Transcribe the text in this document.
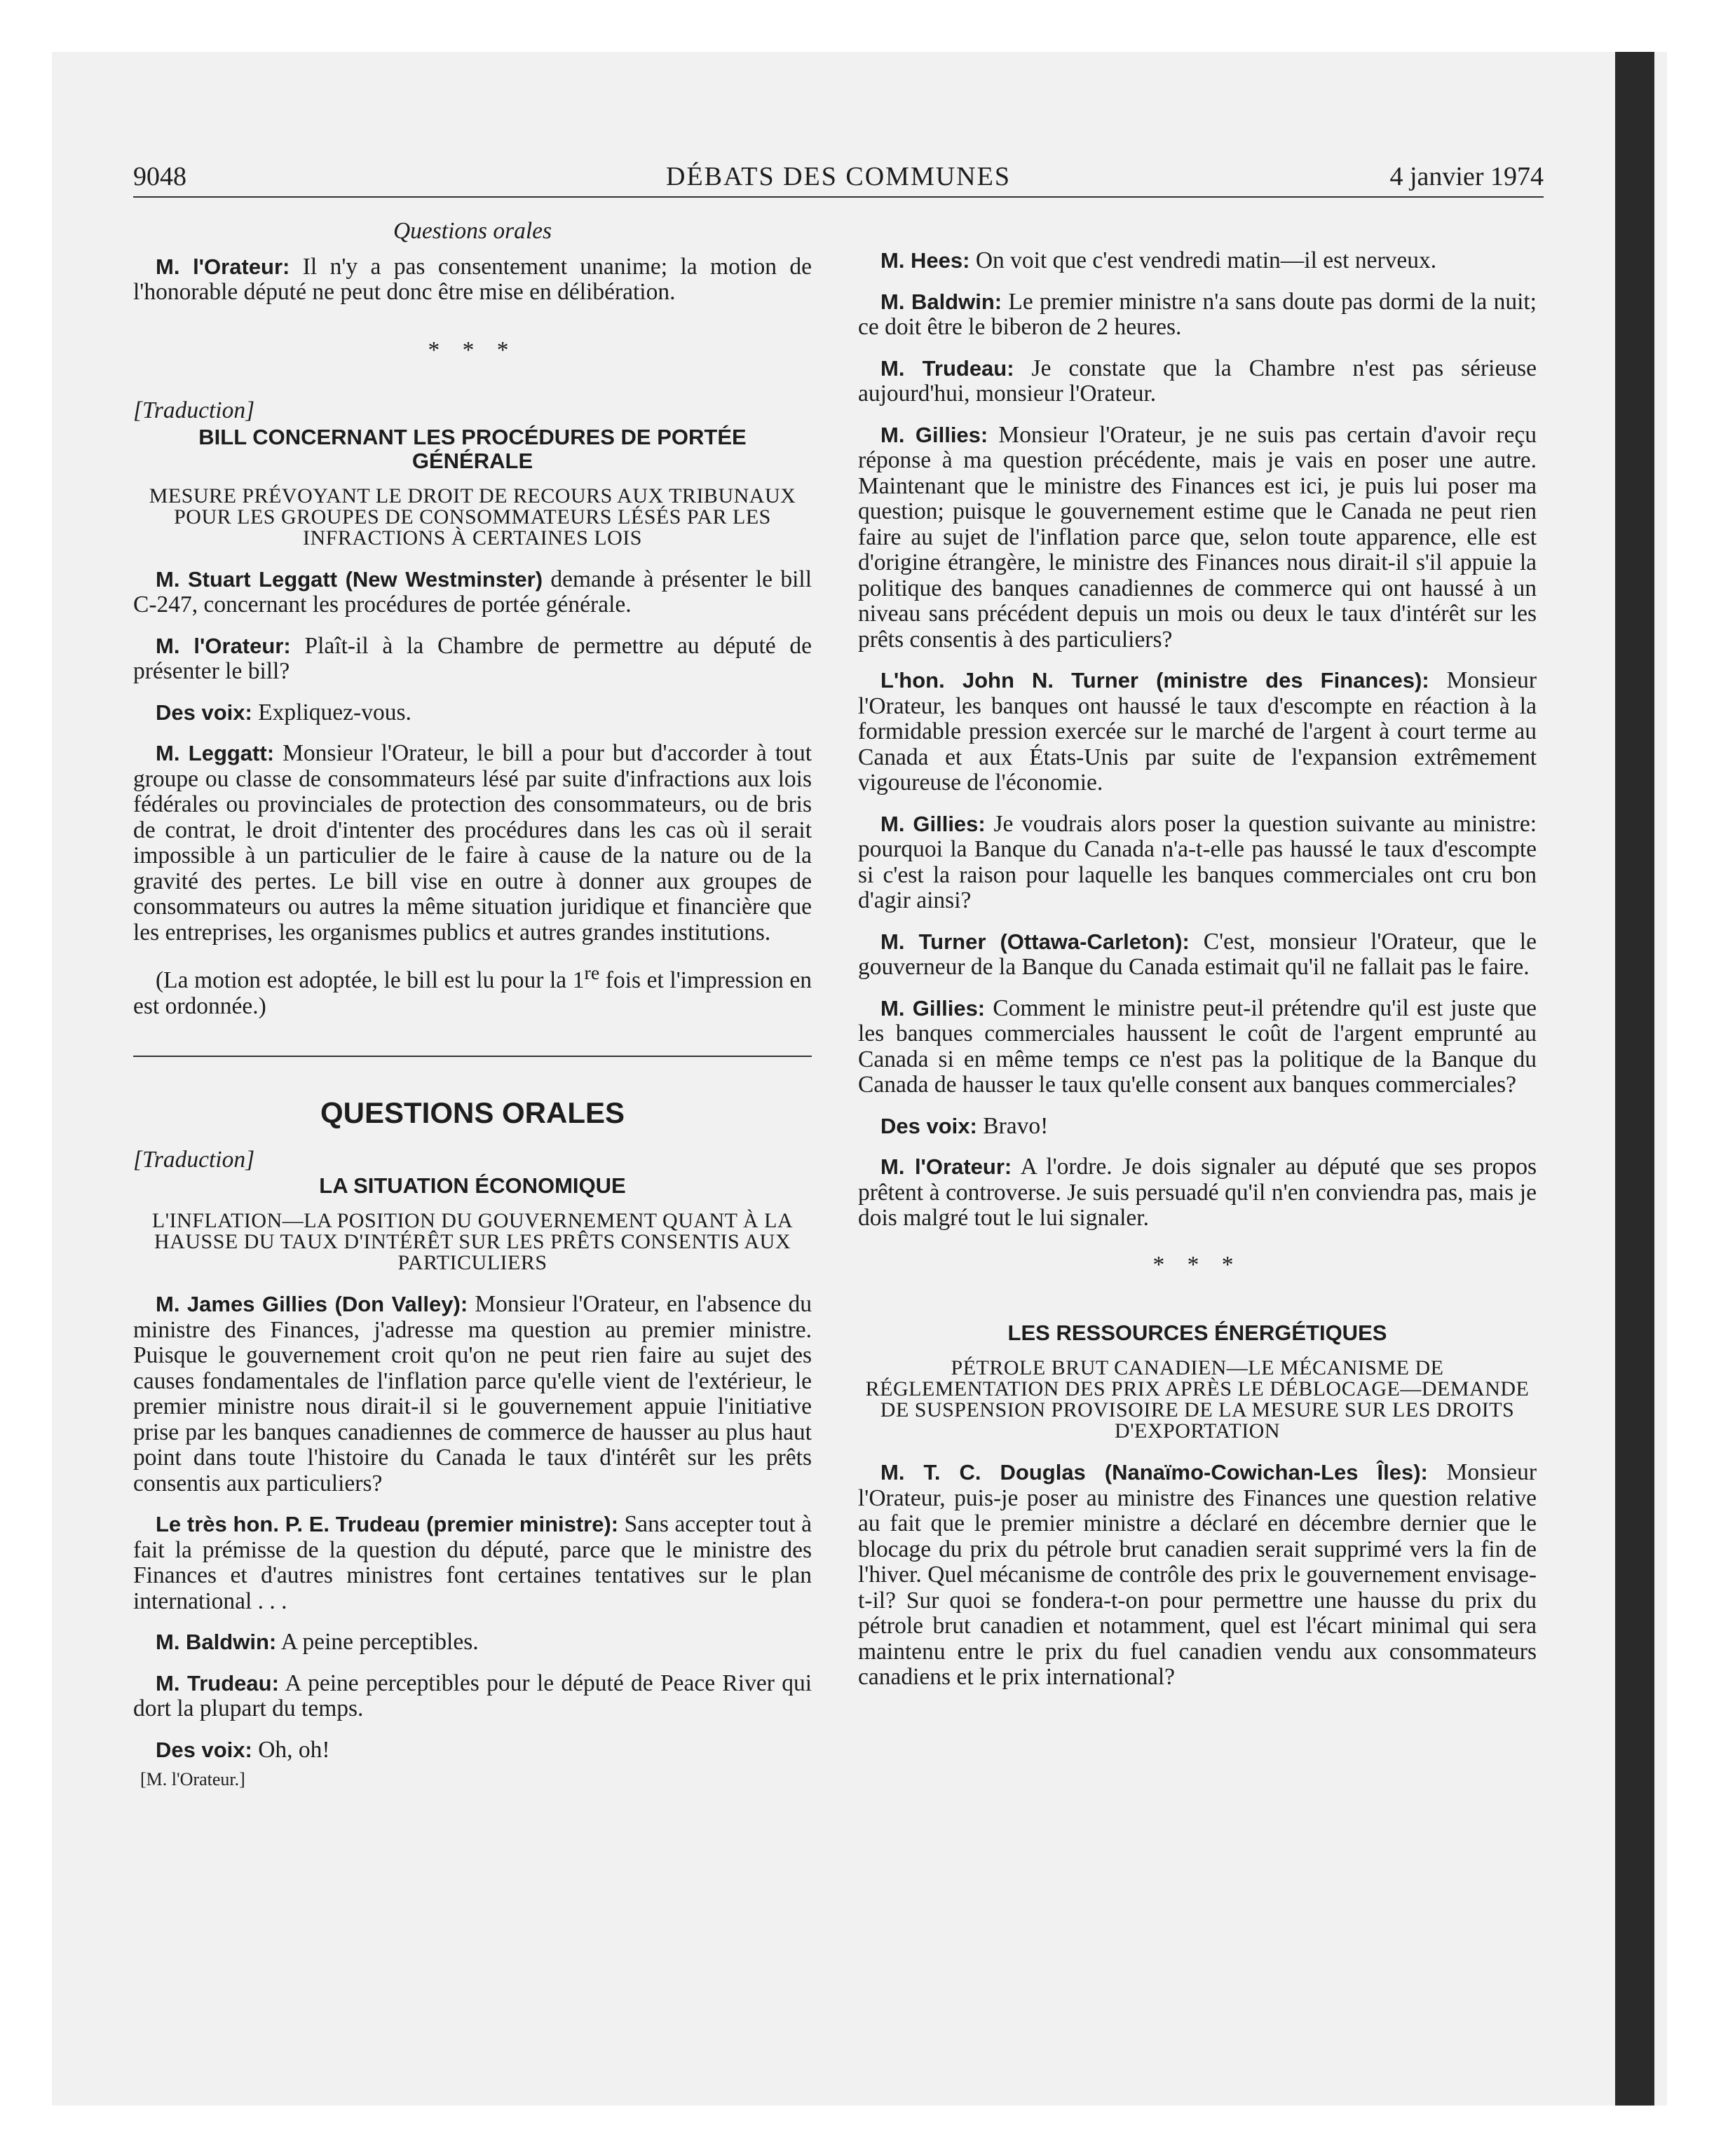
9048	DÉBATS DES COMMUNES	4 janvier 1974
Questions orales

M. l'Orateur: Il n'y a pas consentement unanime; la motion de l'honorable député ne peut donc être mise en délibération.

* * *
[Traduction]
BILL CONCERNANT LES PROCÉDURES DE PORTÉE GÉNÉRALE
MESURE PRÉVOYANT LE DROIT DE RECOURS AUX TRIBUNAUX POUR LES GROUPES DE CONSOMMATEURS LÉSÉS PAR LES INFRACTIONS À CERTAINES LOIS

M. Stuart Leggatt (New Westminster) demande à présenter le bill C-247, concernant les procédures de portée générale.

M. l'Orateur: Plaît-il à la Chambre de permettre au député de présenter le bill?

Des voix: Expliquez-vous.

M. Leggatt: Monsieur l'Orateur, le bill a pour but d'accorder à tout groupe ou classe de consommateurs lésé par suite d'infractions aux lois fédérales ou provinciales de protection des consommateurs, ou de bris de contrat, le droit d'intenter des procédures dans les cas où il serait impossible à un particulier de le faire à cause de la nature ou de la gravité des pertes. Le bill vise en outre à donner aux groupes de consommateurs ou autres la même situation juridique et financière que les entreprises, les organismes publics et autres grandes institutions.

(La motion est adoptée, le bill est lu pour la 1re fois et l'impression en est ordonnée.)

QUESTIONS ORALES
[Traduction]
LA SITUATION ÉCONOMIQUE
L'INFLATION—LA POSITION DU GOUVERNEMENT QUANT À LA HAUSSE DU TAUX D'INTÉRÊT SUR LES PRÊTS CONSENTIS AUX PARTICULIERS

M. James Gillies (Don Valley): Monsieur l'Orateur, en l'absence du ministre des Finances, j'adresse ma question au premier ministre. Puisque le gouvernement croit qu'on ne peut rien faire au sujet des causes fondamentales de l'inflation parce qu'elle vient de l'extérieur, le premier ministre nous dirait-il si le gouvernement appuie l'initiative prise par les banques canadiennes de commerce de hausser au plus haut point dans toute l'histoire du Canada le taux d'intérêt sur les prêts consentis aux particuliers?

Le très hon. P. E. Trudeau (premier ministre): Sans accepter tout à fait la prémisse de la question du député, parce que le ministre des Finances et d'autres ministres font certaines tentatives sur le plan international . . .

M. Baldwin: A peine perceptibles.

M. Trudeau: A peine perceptibles pour le député de Peace River qui dort la plupart du temps.

Des voix: Oh, oh!

[M. l'Orateur.]

M. Hees: On voit que c'est vendredi matin—il est nerveux.

M. Baldwin: Le premier ministre n'a sans doute pas dormi de la nuit; ce doit être le biberon de 2 heures.

M. Trudeau: Je constate que la Chambre n'est pas sérieuse aujourd'hui, monsieur l'Orateur.

M. Gillies: Monsieur l'Orateur, je ne suis pas certain d'avoir reçu réponse à ma question précédente, mais je vais en poser une autre. Maintenant que le ministre des Finances est ici, je puis lui poser ma question; puisque le gouvernement estime que le Canada ne peut rien faire au sujet de l'inflation parce que, selon toute apparence, elle est d'origine étrangère, le ministre des Finances nous dirait-il s'il appuie la politique des banques canadiennes de commerce qui ont haussé à un niveau sans précédent depuis un mois ou deux le taux d'intérêt sur les prêts consentis à des particuliers?

L'hon. John N. Turner (ministre des Finances): Monsieur l'Orateur, les banques ont haussé le taux d'escompte en réaction à la formidable pression exercée sur le marché de l'argent à court terme au Canada et aux États-Unis par suite de l'expansion extrêmement vigoureuse de l'économie.

M. Gillies: Je voudrais alors poser la question suivante au ministre: pourquoi la Banque du Canada n'a-t-elle pas haussé le taux d'escompte si c'est la raison pour laquelle les banques commerciales ont cru bon d'agir ainsi?

M. Turner (Ottawa-Carleton): C'est, monsieur l'Orateur, que le gouverneur de la Banque du Canada estimait qu'il ne fallait pas le faire.

M. Gillies: Comment le ministre peut-il prétendre qu'il est juste que les banques commerciales haussent le coût de l'argent emprunté au Canada si en même temps ce n'est pas la politique de la Banque du Canada de hausser le taux qu'elle consent aux banques commerciales?

Des voix: Bravo!

M. l'Orateur: A l'ordre. Je dois signaler au député que ses propos prêtent à controverse. Je suis persuadé qu'il n'en conviendra pas, mais je dois malgré tout le lui signaler.

* * *
LES RESSOURCES ÉNERGÉTIQUES
PÉTROLE BRUT CANADIEN—LE MÉCANISME DE RÉGLEMENTATION DES PRIX APRÈS LE DÉBLOCAGE—DEMANDE DE SUSPENSION PROVISOIRE DE LA MESURE SUR LES DROITS D'EXPORTATION

M. T. C. Douglas (Nanaïmo-Cowichan-Les Îles): Monsieur l'Orateur, puis-je poser au ministre des Finances une question relative au fait que le premier ministre a déclaré en décembre dernier que le blocage du prix du pétrole brut canadien serait supprimé vers la fin de l'hiver. Quel mécanisme de contrôle des prix le gouvernement envisage-t-il? Sur quoi se fondera-t-on pour permettre une hausse du prix du pétrole brut canadien et notamment, quel est l'écart minimal qui sera maintenu entre le prix du fuel canadien vendu aux consommateurs canadiens et le prix international?
